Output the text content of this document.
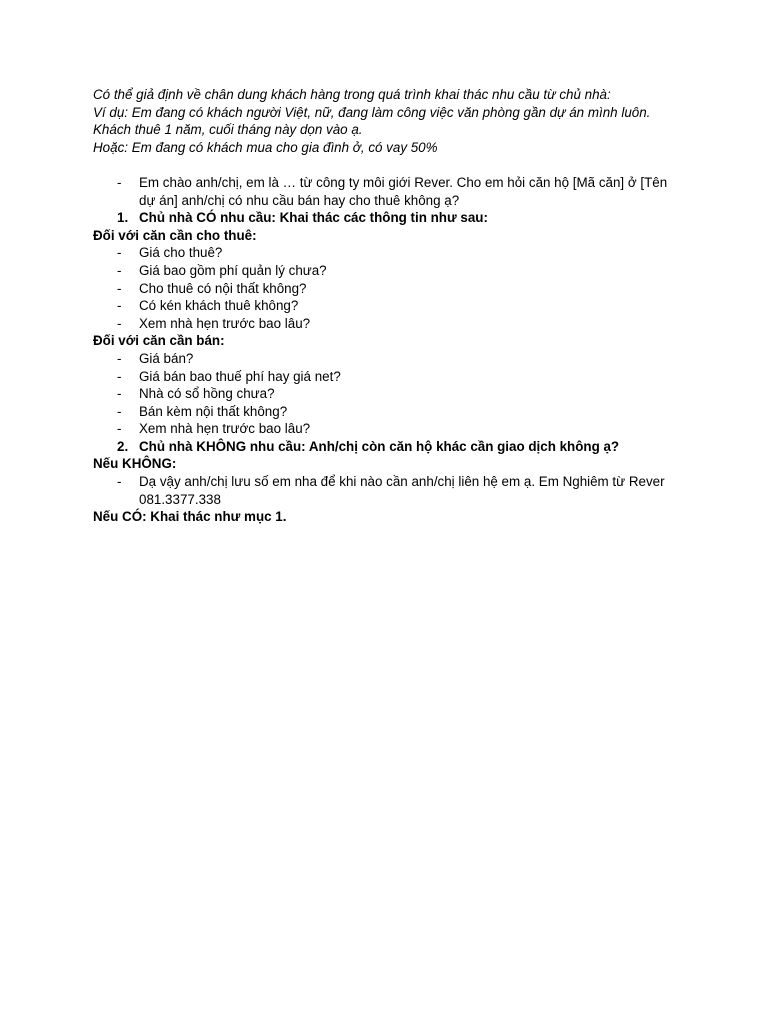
Có thể giả định về chân dung khách hàng trong quá trình khai thác nhu cầu từ chủ nhà:

Ví dụ: Em đang có khách người Việt, nữ, đang làm công việc văn phòng gần dự án mình luôn. Khách thuê 1 năm, cuối tháng này dọn vào ạ.

Hoặc: Em đang có khách mua cho gia đình ở, có vay 50%

- Em chào anh/chị, em là … từ công ty môi giới Rever. Cho em hỏi căn hộ [Mã căn] ở [Tên dự án] anh/chị có nhu cầu bán hay cho thuê không ạ?
1. Chủ nhà CÓ nhu cầu: Khai thác các thông tin như sau:

Đối với căn cần cho thuê:

- Giá cho thuê?
- Giá bao gồm phí quản lý chưa?
- Cho thuê có nội thất không?
- Có kén khách thuê không?
- Xem nhà hẹn trước bao lâu?

Đối với căn cần bán:

- Giá bán?
- Giá bán bao thuế phí hay giá net?
- Nhà có sổ hồng chưa?
- Bán kèm nội thất không?
- Xem nhà hẹn trước bao lâu?
2. Chủ nhà KHÔNG nhu cầu: Anh/chị còn căn hộ khác cần giao dịch không ạ?

Nếu KHÔNG:

- Dạ vậy anh/chị lưu số em nha để khi nào cần anh/chị liên hệ em ạ. Em Nghiêm từ Rever 081.3377.338

Nếu CÓ: Khai thác như mục 1.
